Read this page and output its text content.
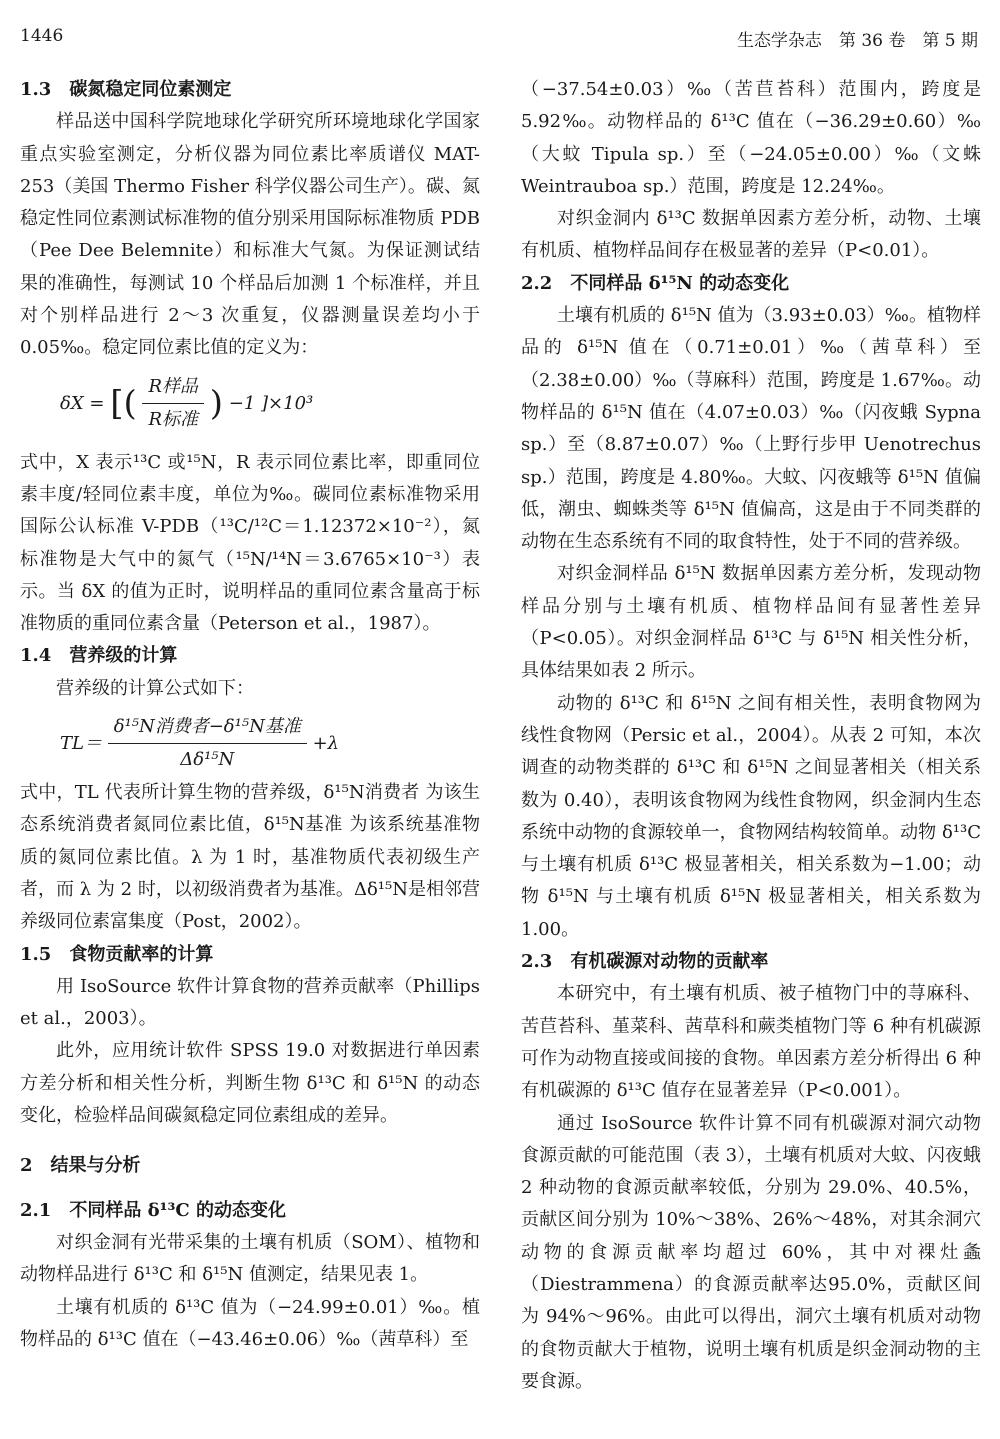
1446	生态学杂志　第 36 卷　第 5 期

1.3　碳氮稳定同位素测定

样品送中国科学院地球化学研究所环境地球化学国家重点实验室测定，分析仪器为同位素比率质谱仪 MAT-253（美国 Thermo Fisher 科学仪器公司生产）。碳、氮稳定性同位素测试标准物的值分别采用国际标准物质 PDB（Pee Dee Belemnite）和标准大气氮。为保证测试结果的准确性，每测试 10 个样品后加测 1 个标准样，并且对个别样品进行 2～3 次重复，仪器测量误差均小于 0.05‰。稳定同位素比值的定义为：

δX = [( $\frac{\text{R样品}}{\text{R标准}}$ ) −1 ]×10³

式中，X 表示¹³C 或¹⁵N，R 表示同位素比率，即重同位素丰度/轻同位素丰度，单位为‰。碳同位素标准物采用国际公认标准 V-PDB（¹³C/¹²C＝1.12372×10⁻²），氮标准物是大气中的氮气（¹⁵N/¹⁴N＝3.6765×10⁻³）表示。当 δX 的值为正时，说明样品的重同位素含量高于标准物质的重同位素含量（Peterson et al.，1987）。

1.4　营养级的计算

营养级的计算公式如下：

$TL= \frac{\text{δ¹⁵N消费者−δ¹⁵N基准}}{\text{Δδ¹⁵N}} +\lambda$

式中，TL 代表所计算生物的营养级，δ¹⁵N消费者 为该生态系统消费者氮同位素比值，δ¹⁵N基准 为该系统基准物质的氮同位素比值。λ 为 1 时，基准物质代表初级生产者，而 λ 为 2 时，以初级消费者为基准。Δδ¹⁵N是相邻营养级同位素富集度（Post，2002）。

1.5　食物贡献率的计算

用 IsoSource 软件计算食物的营养贡献率（Phillips et al.，2003）。

此外，应用统计软件 SPSS 19.0 对数据进行单因素方差分析和相关性分析，判断生物 δ¹³C 和 δ¹⁵N 的动态变化，检验样品间碳氮稳定同位素组成的差异。

2　结果与分析

2.1　不同样品 δ¹³C 的动态变化

对织金洞有光带采集的土壤有机质（SOM）、植物和动物样品进行 δ¹³C 和 δ¹⁵N 值测定，结果见表 1。

土壤有机质的 δ¹³C 值为（−24.99±0.01）‰。植物样品的 δ¹³C 值在（−43.46±0.06）‰（茜草科）至

（−37.54±0.03）‰（苦苣苔科）范围内，跨度是 5.92‰。动物样品的 δ¹³C 值在（−36.29±0.60）‰（大蚊 Tipula sp.）至（−24.05±0.00）‰（文蛛 Weintrauboa sp.）范围，跨度是 12.24‰。

对织金洞内 δ¹³C 数据单因素方差分析，动物、土壤有机质、植物样品间存在极显著的差异（P<0.01）。

2.2　不同样品 δ¹⁵N 的动态变化

土壤有机质的 δ¹⁵N 值为（3.93±0.03）‰。植物样品的 δ¹⁵N 值在（0.71±0.01）‰（茜草科）至（2.38±0.00）‰（荨麻科）范围，跨度是 1.67‰。动物样品的 δ¹⁵N 值在（4.07±0.03）‰（闪夜蛾 Sypna sp.）至（8.87±0.07）‰（上野行步甲 Uenotrechus sp.）范围，跨度是 4.80‰。大蚊、闪夜蛾等 δ¹⁵N 值偏低，潮虫、蜘蛛类等 δ¹⁵N 值偏高，这是由于不同类群的动物在生态系统有不同的取食特性，处于不同的营养级。

对织金洞样品 δ¹⁵N 数据单因素方差分析，发现动物样品分别与土壤有机质、植物样品间有显著性差异（P<0.05）。对织金洞样品 δ¹³C 与 δ¹⁵N 相关性分析，具体结果如表 2 所示。

动物的 δ¹³C 和 δ¹⁵N 之间有相关性，表明食物网为线性食物网（Persic et al.，2004）。从表 2 可知，本次调查的动物类群的 δ¹³C 和 δ¹⁵N 之间显著相关（相关系数为 0.40），表明该食物网为线性食物网，织金洞内生态系统中动物的食源较单一，食物网结构较简单。动物 δ¹³C 与土壤有机质 δ¹³C 极显著相关，相关系数为−1.00；动物 δ¹⁵N 与土壤有机质 δ¹⁵N 极显著相关，相关系数为 1.00。

2.3　有机碳源对动物的贡献率

本研究中，有土壤有机质、被子植物门中的荨麻科、苦苣苔科、堇菜科、茜草科和蕨类植物门等 6 种有机碳源可作为动物直接或间接的食物。单因素方差分析得出 6 种有机碳源的 δ¹³C 值存在显著差异（P<0.001）。

通过 IsoSource 软件计算不同有机碳源对洞穴动物食源贡献的可能范围（表 3），土壤有机质对大蚊、闪夜蛾 2 种动物的食源贡献率较低，分别为 29.0%、40.5%，贡献区间分别为 10%～38%、26%～48%，对其余洞穴动物的食源贡献率均超过 60%，其中对裸灶螽（Diestrammena）的食源贡献率达95.0%，贡献区间为 94%～96%。由此可以得出，洞穴土壤有机质对动物的食物贡献大于植物，说明土壤有机质是织金洞动物的主要食源。
